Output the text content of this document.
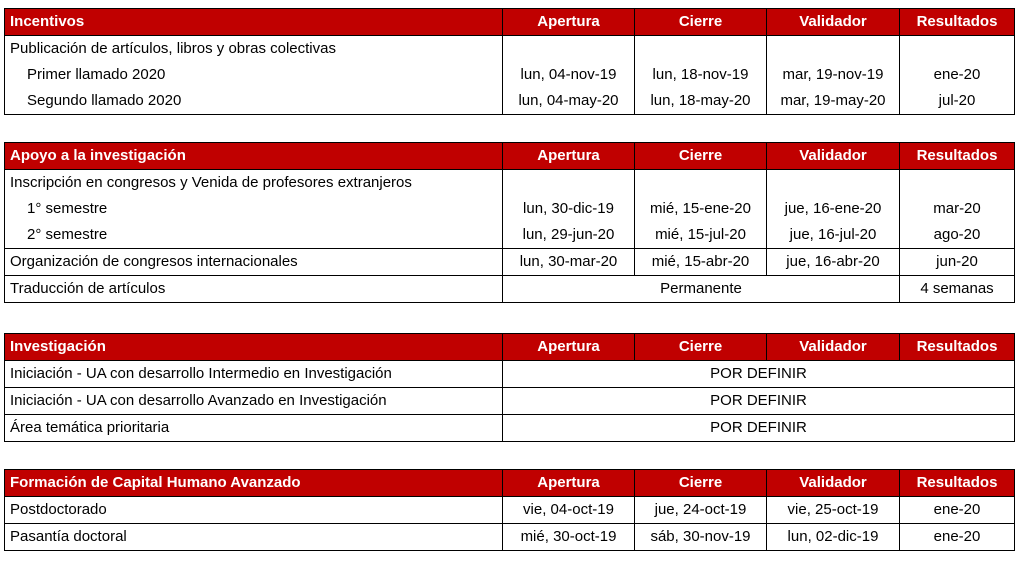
Incentivos	Apertura	Cierre	Validador	Resultados
Publicación de artículos, libros y obras colectivas				
Primer llamado 2020	lun, 04-nov-19	lun, 18-nov-19	mar, 19-nov-19	ene-20
Segundo llamado 2020	lun, 04-may-20	lun, 18-may-20	mar, 19-may-20	jul-20
Apoyo a la investigación	Apertura	Cierre	Validador	Resultados
Inscripción en congresos y Venida de profesores extranjeros				
1° semestre	lun, 30-dic-19	mié, 15-ene-20	jue, 16-ene-20	mar-20
2° semestre	lun, 29-jun-20	mié, 15-jul-20	jue, 16-jul-20	ago-20
Organización de congresos internacionales	lun, 30-mar-20	mié, 15-abr-20	jue, 16-abr-20	jun-20
Traducción de artículos	Permanente			4 semanas
Investigación	Apertura	Cierre	Validador	Resultados
Iniciación - UA con desarrollo Intermedio en Investigación	POR DEFINIR			
Iniciación - UA con desarrollo Avanzado en Investigación	POR DEFINIR			
Área temática prioritaria	POR DEFINIR			
Formación de Capital Humano Avanzado	Apertura	Cierre	Validador	Resultados
Postdoctorado	vie, 04-oct-19	jue, 24-oct-19	vie, 25-oct-19	ene-20
Pasantía doctoral	mié, 30-oct-19	sáb, 30-nov-19	lun, 02-dic-19	ene-20
